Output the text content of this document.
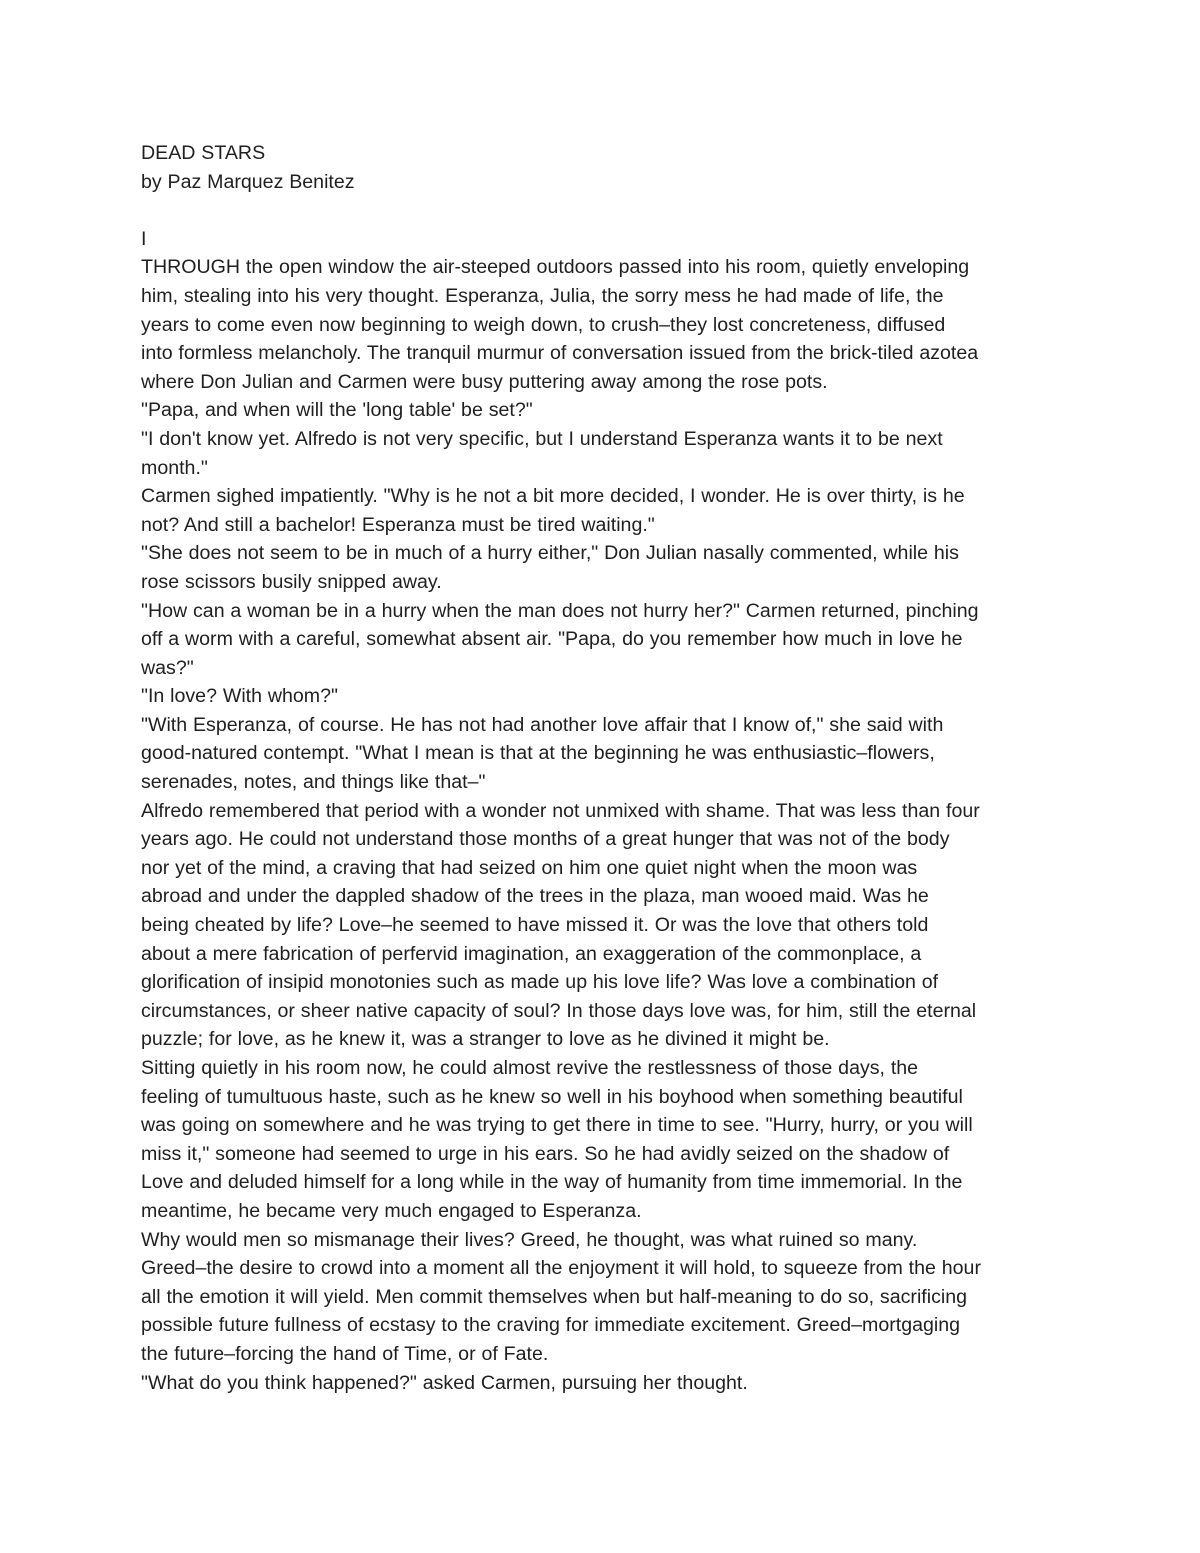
DEAD STARS
by Paz Marquez Benitez
I
THROUGH the open window the air-steeped outdoors passed into his room, quietly enveloping
him, stealing into his very thought. Esperanza, Julia, the sorry mess he had made of life, the
years to come even now beginning to weigh down, to crush–they lost concreteness, diffused
into formless melancholy. The tranquil murmur of conversation issued from the brick-tiled azotea
where Don Julian and Carmen were busy puttering away among the rose pots.
"Papa, and when will the 'long table' be set?"
"I don't know yet. Alfredo is not very specific, but I understand Esperanza wants it to be next
month."
Carmen sighed impatiently. "Why is he not a bit more decided, I wonder. He is over thirty, is he
not? And still a bachelor! Esperanza must be tired waiting."
"She does not seem to be in much of a hurry either," Don Julian nasally commented, while his
rose scissors busily snipped away.
"How can a woman be in a hurry when the man does not hurry her?" Carmen returned, pinching
off a worm with a careful, somewhat absent air. "Papa, do you remember how much in love he
was?"
"In love? With whom?"
"With Esperanza, of course. He has not had another love affair that I know of," she said with
good-natured contempt. "What I mean is that at the beginning he was enthusiastic–flowers,
serenades, notes, and things like that–"
Alfredo remembered that period with a wonder not unmixed with shame. That was less than four
years ago. He could not understand those months of a great hunger that was not of the body
nor yet of the mind, a craving that had seized on him one quiet night when the moon was
abroad and under the dappled shadow of the trees in the plaza, man wooed maid. Was he
being cheated by life? Love–he seemed to have missed it. Or was the love that others told
about a mere fabrication of perfervid imagination, an exaggeration of the commonplace, a
glorification of insipid monotonies such as made up his love life? Was love a combination of
circumstances, or sheer native capacity of soul? In those days love was, for him, still the eternal
puzzle; for love, as he knew it, was a stranger to love as he divined it might be.
Sitting quietly in his room now, he could almost revive the restlessness of those days, the
feeling of tumultuous haste, such as he knew so well in his boyhood when something beautiful
was going on somewhere and he was trying to get there in time to see. "Hurry, hurry, or you will
miss it," someone had seemed to urge in his ears. So he had avidly seized on the shadow of
Love and deluded himself for a long while in the way of humanity from time immemorial. In the
meantime, he became very much engaged to Esperanza.
Why would men so mismanage their lives? Greed, he thought, was what ruined so many.
Greed–the desire to crowd into a moment all the enjoyment it will hold, to squeeze from the hour
all the emotion it will yield. Men commit themselves when but half-meaning to do so, sacrificing
possible future fullness of ecstasy to the craving for immediate excitement. Greed–mortgaging
the future–forcing the hand of Time, or of Fate.
"What do you think happened?" asked Carmen, pursuing her thought.
